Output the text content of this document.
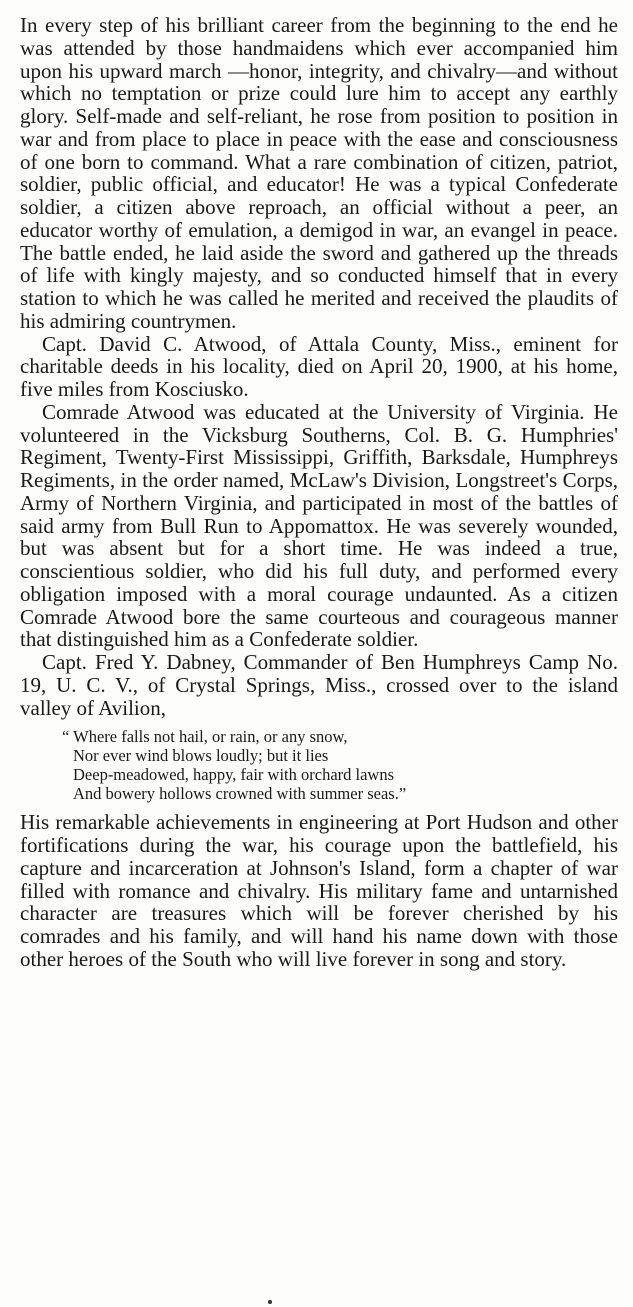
In every step of his brilliant career from the beginning to the end he was attended by those handmaidens which ever accompanied him upon his upward march —honor, integrity, and chivalry—and without which no temptation or prize could lure him to accept any earthly glory. Self-made and self-reliant, he rose from position to position in war and from place to place in peace with the ease and consciousness of one born to command. What a rare combination of citizen, patriot, soldier, public official, and educator! He was a typical Confederate soldier, a citizen above reproach, an official without a peer, an educator worthy of emulation, a demigod in war, an evangel in peace. The battle ended, he laid aside the sword and gathered up the threads of life with kingly majesty, and so conducted himself that in every station to which he was called he merited and received the plaudits of his admiring countrymen.

Capt. David C. Atwood, of Attala County, Miss., eminent for charitable deeds in his locality, died on April 20, 1900, at his home, five miles from Kosciusko.

Comrade Atwood was educated at the University of Virginia. He volunteered in the Vicksburg Southerns, Col. B. G. Humphries' Regiment, Twenty-First Mississippi, Griffith, Barksdale, Humphreys Regiments, in the order named, McLaw's Division, Longstreet's Corps, Army of Northern Virginia, and participated in most of the battles of said army from Bull Run to Appomattox. He was severely wounded, but was absent but for a short time. He was indeed a true, conscientious soldier, who did his full duty, and performed every obligation imposed with a moral courage undaunted. As a citizen Comrade Atwood bore the same courteous and courageous manner that distinguished him as a Confederate soldier.

Capt. Fred Y. Dabney, Commander of Ben Humphreys Camp No. 19, U. C. V., of Crystal Springs, Miss., crossed over to the island valley of Avilion,

“ Where falls not hail, or rain, or any snow,
Nor ever wind blows loudly; but it lies
Deep-meadowed, happy, fair with orchard lawns
And bowery hollows crowned with summer seas.”

His remarkable achievements in engineering at Port Hudson and other fortifications during the war, his courage upon the battlefield, his capture and incarceration at Johnson's Island, form a chapter of war filled with romance and chivalry. His military fame and untarnished character are treasures which will be forever cherished by his comrades and his family, and will hand his name down with those other heroes of the South who will live forever in song and story.
